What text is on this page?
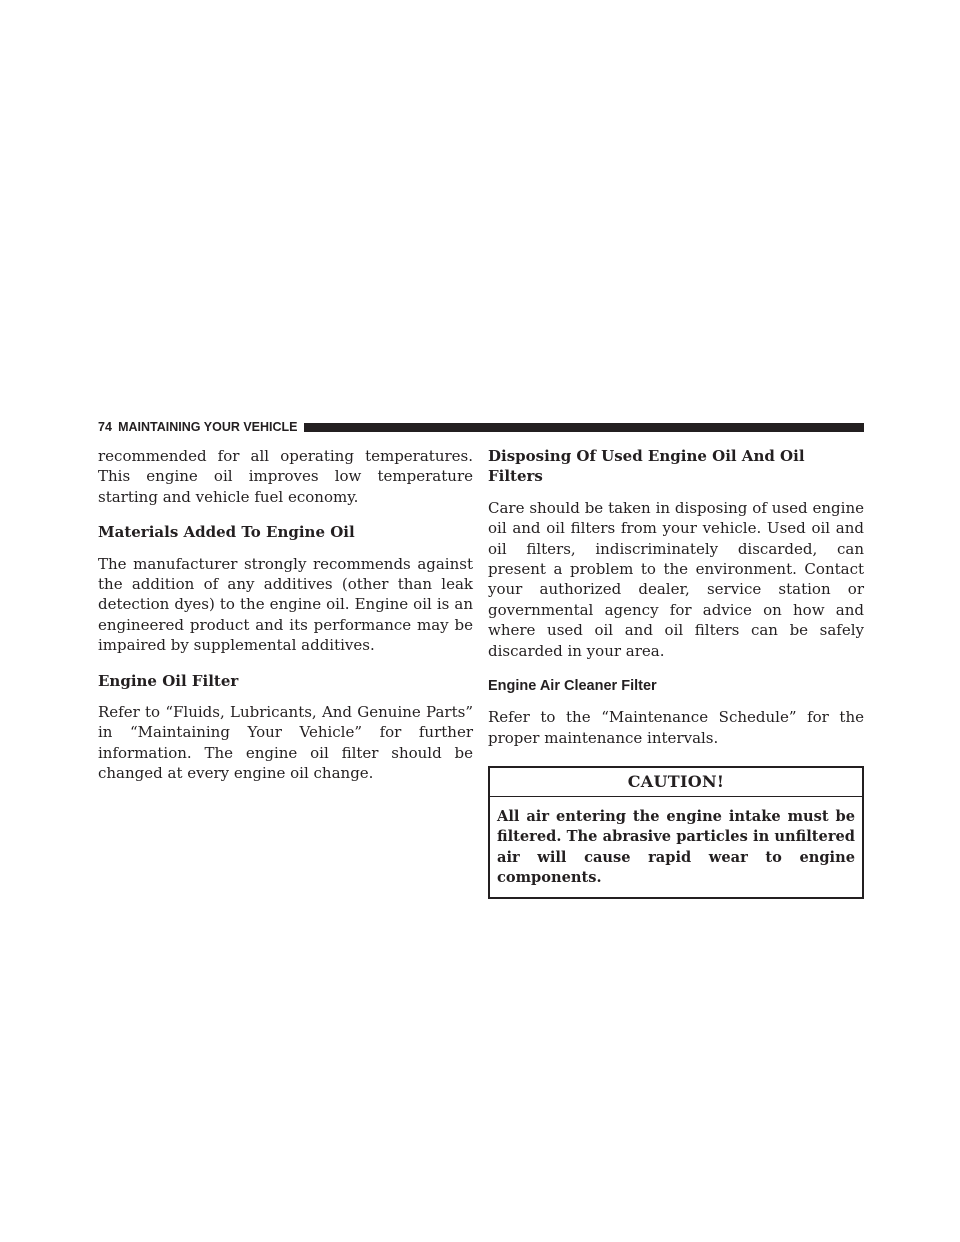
74 MAINTAINING YOUR VEHICLE

recommended for all operating temperatures. This engine oil improves low temperature starting and vehicle fuel economy.

Materials Added To Engine Oil

The manufacturer strongly recommends against the addition of any additives (other than leak detection dyes) to the engine oil. Engine oil is an engineered product and its performance may be impaired by supplemental additives.

Engine Oil Filter

Refer to “Fluids, Lubricants, And Genuine Parts” in “Maintaining Your Vehicle” for further information. The engine oil filter should be changed at every engine oil change.

Disposing Of Used Engine Oil And Oil Filters

Care should be taken in disposing of used engine oil and oil filters from your vehicle. Used oil and oil filters, indiscriminately discarded, can present a problem to the environment. Contact your authorized dealer, service station or governmental agency for advice on how and where used oil and oil filters can be safely discarded in your area.

Engine Air Cleaner Filter

Refer to the “Maintenance Schedule” for the proper maintenance intervals.

CAUTION!
All air entering the engine intake must be filtered. The abrasive particles in unfiltered air will cause rapid wear to engine components.
